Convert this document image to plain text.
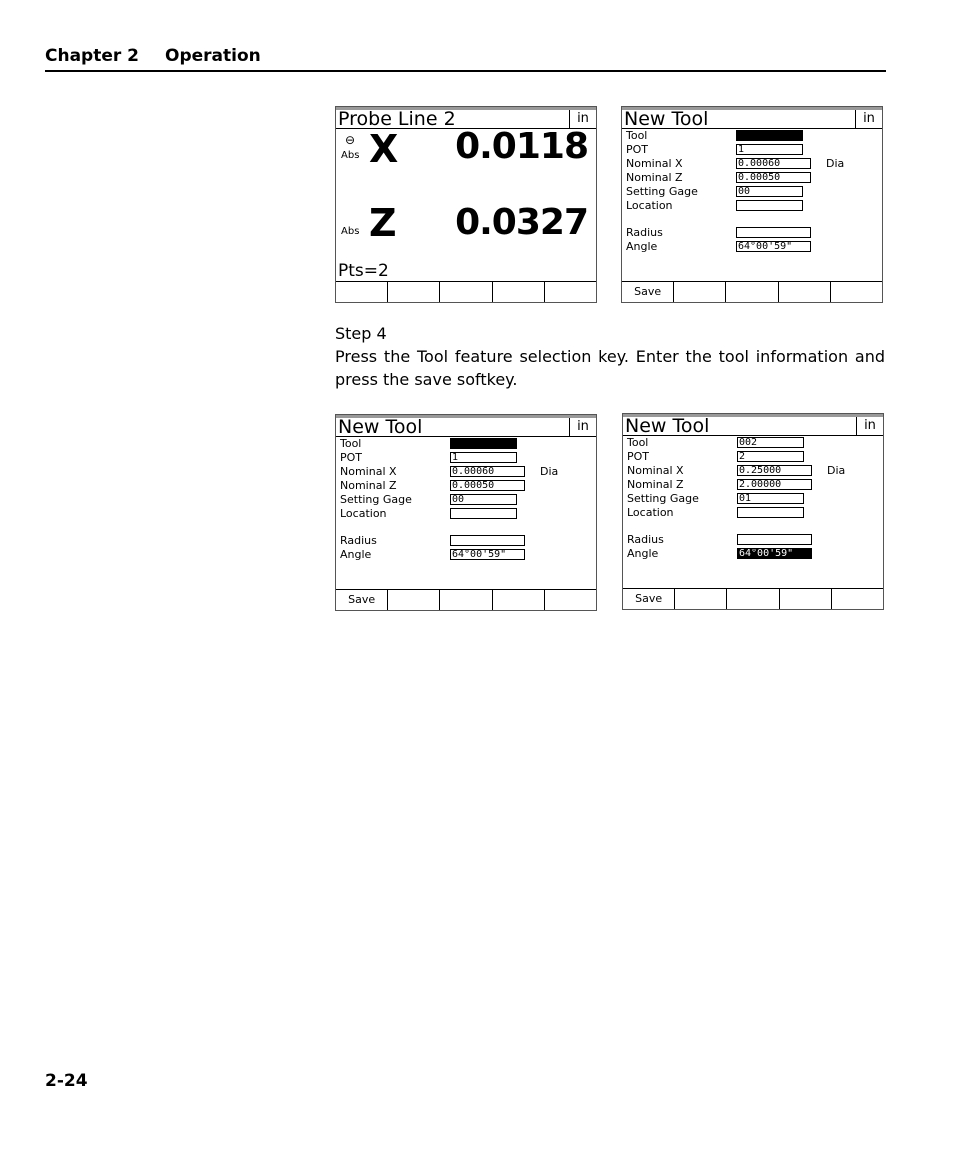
Chapter 2 Operation
Probe Line 2	in
⊖
Abs X 0.0118
Abs Z 0.0327
Pts=2
New Tool	in
Tool
POT	1
Nominal X	0.00060	Dia
Nominal Z	0.00050
Setting Gage	00
Location
Radius
Angle	64°00'59"
Save

Step 4

Press the Tool feature selection key. Enter the tool information and press the save softkey.

New Tool	in
Tool
POT	1
Nominal X	0.00060	Dia
Nominal Z	0.00050
Setting Gage	00
Location
Radius
Angle	64°00'59"
Save
New Tool	in
Tool	002
POT	2
Nominal X	0.25000	Dia
Nominal Z	2.00000
Setting Gage	01
Location
Radius
Angle	64°00'59"
Save
2-24
